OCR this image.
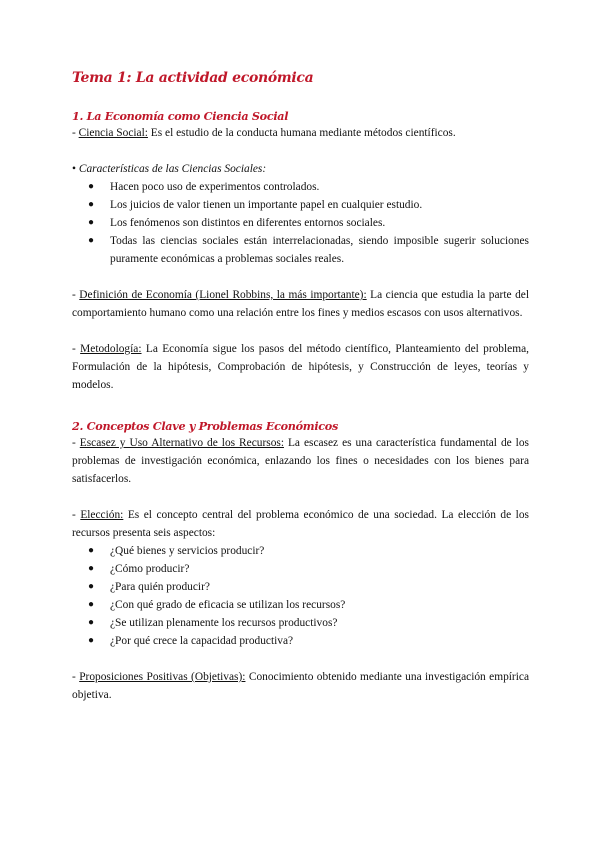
Tema 1: La actividad económica
1. La Economía como Ciencia Social

- Ciencia Social: Es el estudio de la conducta humana mediante métodos científicos.

• Características de las Ciencias Sociales:

● Hacen poco uso de experimentos controlados.
● Los juicios de valor tienen un importante papel en cualquier estudio.
● Los fenómenos son distintos en diferentes entornos sociales.
● Todas las ciencias sociales están interrelacionadas, siendo imposible sugerir soluciones puramente económicas a problemas sociales reales.

- Definición de Economía (Lionel Robbins, la más importante): La ciencia que estudia la parte del comportamiento humano como una relación entre los fines y medios escasos con usos alternativos.

- Metodología: La Economía sigue los pasos del método científico, Planteamiento del problema, Formulación de la hipótesis, Comprobación de hipótesis, y Construcción de leyes, teorías y modelos.

2. Conceptos Clave y Problemas Económicos

- Escasez y Uso Alternativo de los Recursos: La escasez es una característica fundamental de los problemas de investigación económica, enlazando los fines o necesidades con los bienes para satisfacerlos.

- Elección: Es el concepto central del problema económico de una sociedad. La elección de los recursos presenta seis aspectos:

● ¿Qué bienes y servicios producir?
● ¿Cómo producir?
● ¿Para quién producir?
● ¿Con qué grado de eficacia se utilizan los recursos?
● ¿Se utilizan plenamente los recursos productivos?
● ¿Por qué crece la capacidad productiva?

- Proposiciones Positivas (Objetivas): Conocimiento obtenido mediante una investigación empírica objetiva.
